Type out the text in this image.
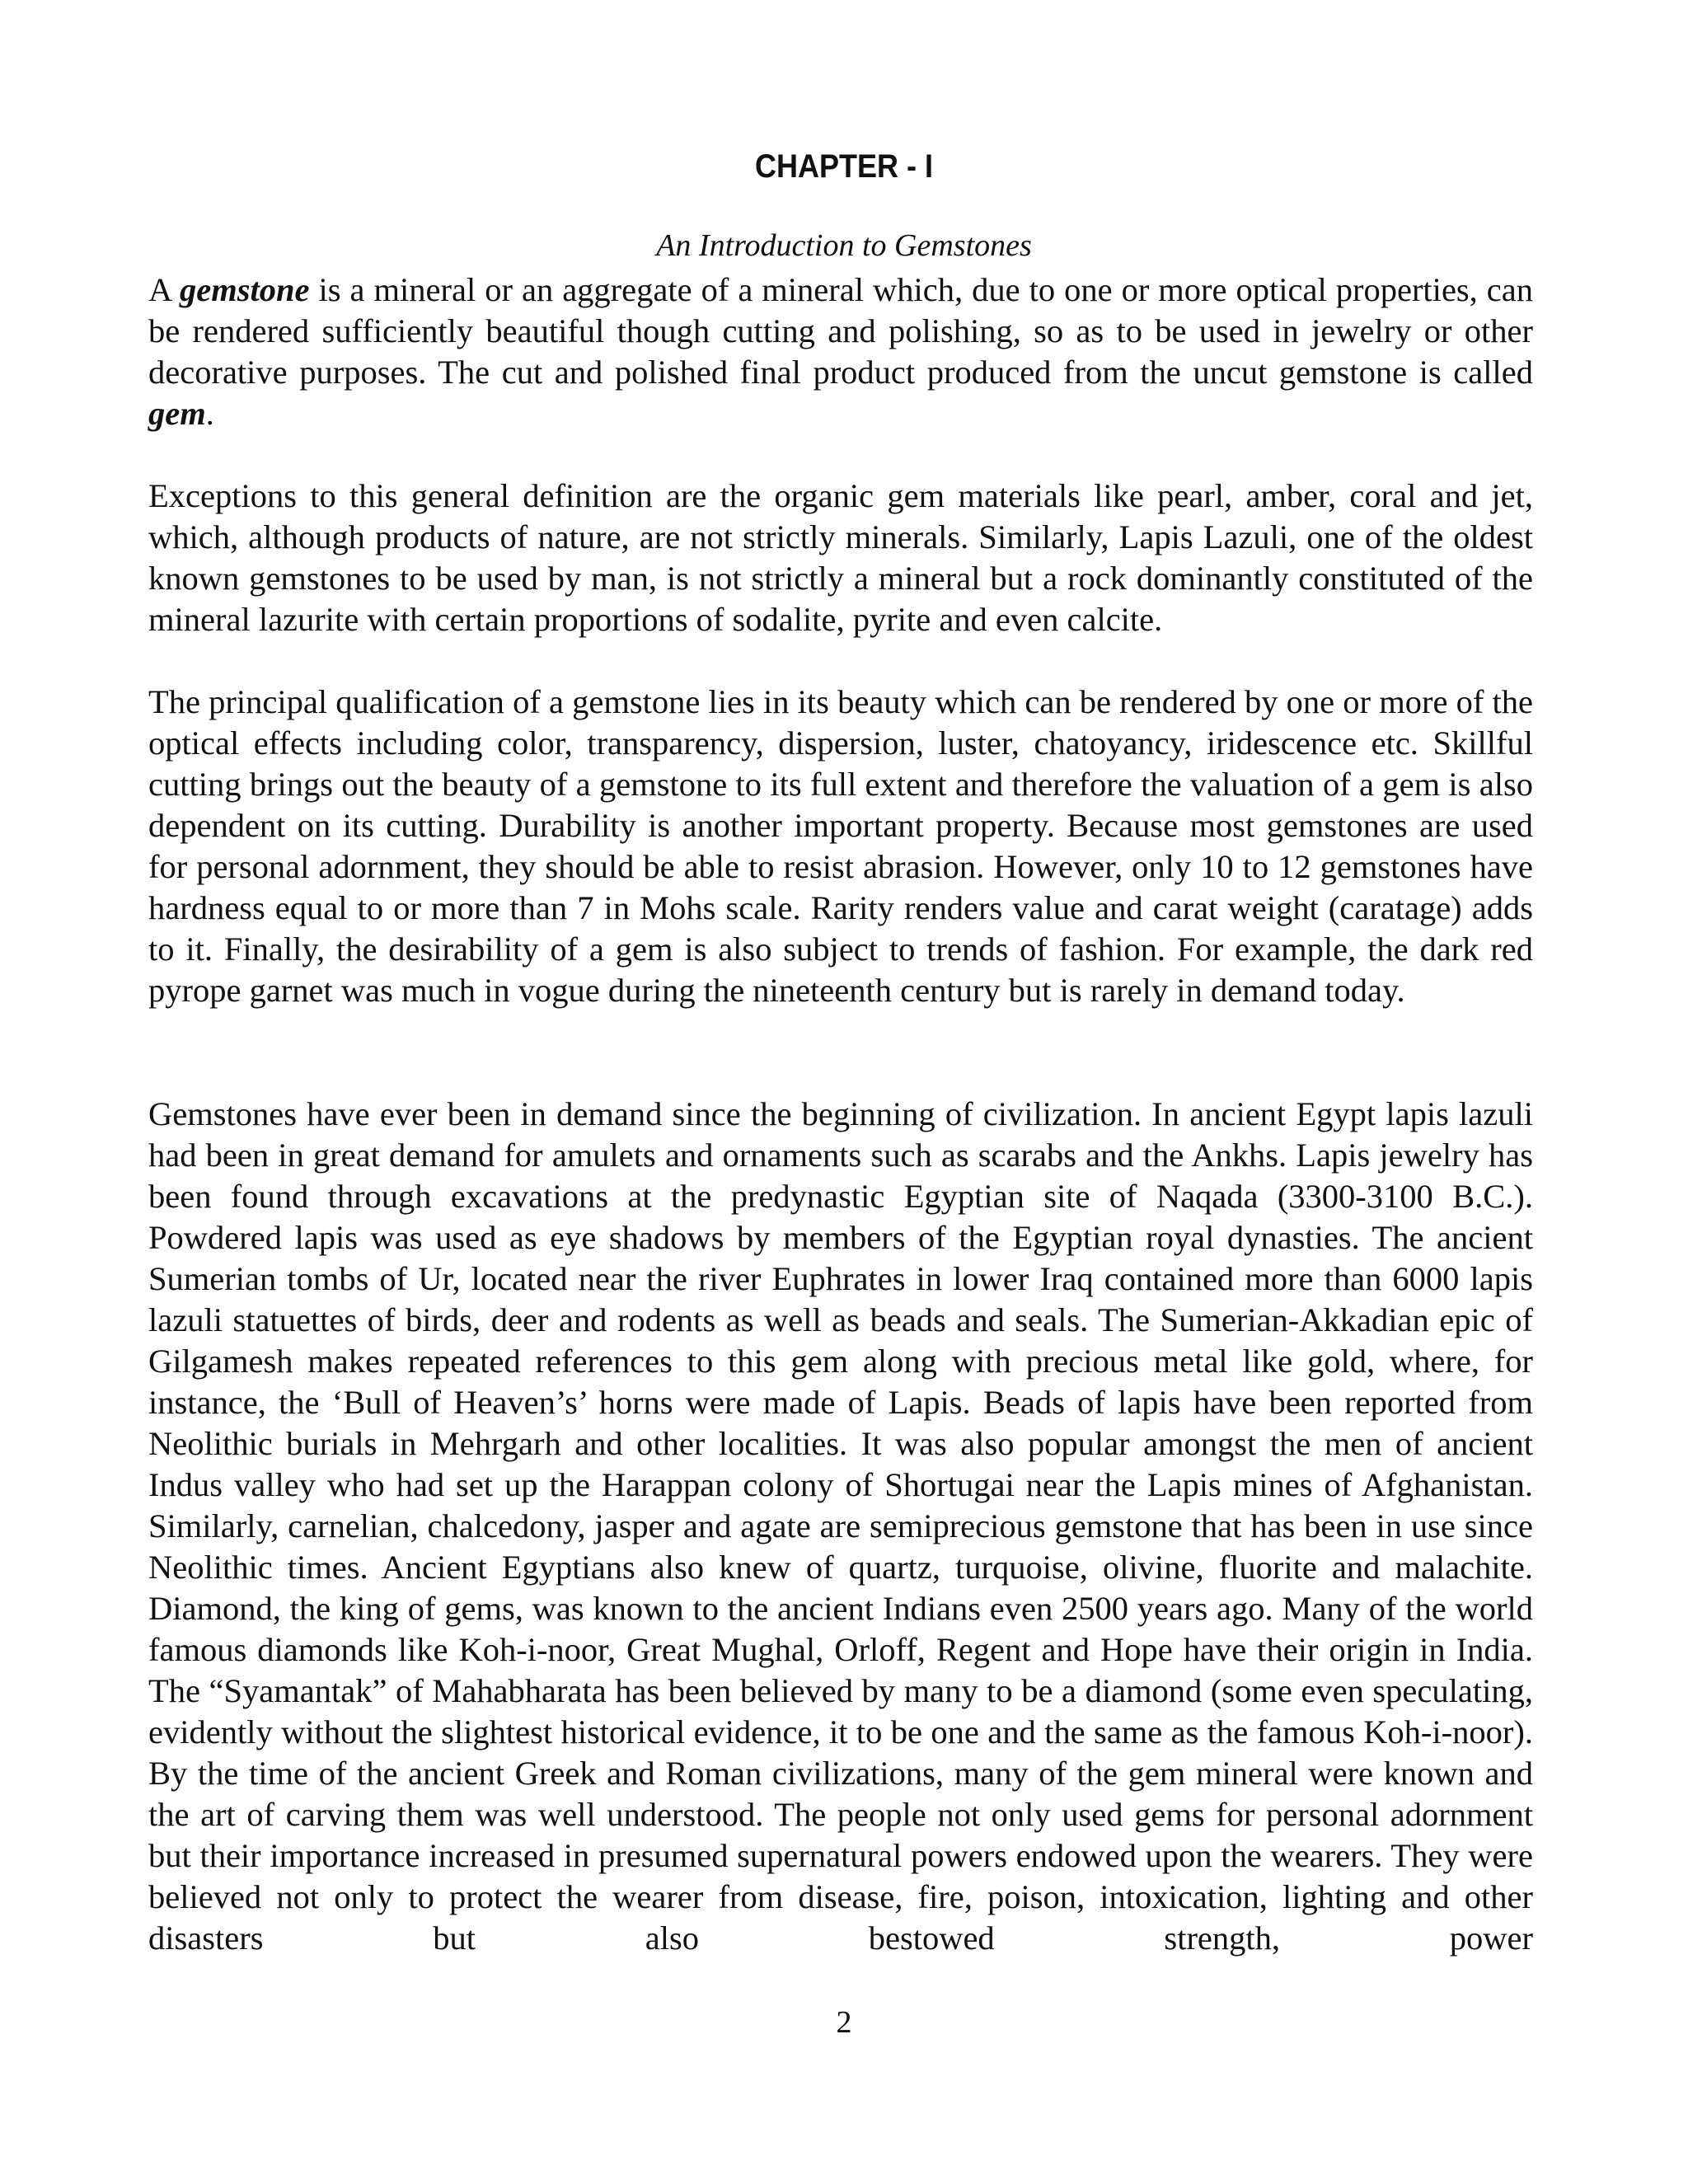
CHAPTER - I
An Introduction to Gemstones

A gemstone is a mineral or an aggregate of a mineral which, due to one or more optical properties, can be rendered sufficiently beautiful though cutting and polishing, so as to be used in jewelry or other decorative purposes. The cut and polished final product produced from the uncut gemstone is called gem.

Exceptions to this general definition are the organic gem materials like pearl, amber, coral and jet, which, although products of nature, are not strictly minerals. Similarly, Lapis Lazuli, one of the oldest known gemstones to be used by man, is not strictly a mineral but a rock dominantly constituted of the mineral lazurite with certain proportions of sodalite, pyrite and even calcite.

The principal qualification of a gemstone lies in its beauty which can be rendered by one or more of the optical effects including color, transparency, dispersion, luster, chatoyancy, iridescence etc. Skillful cutting brings out the beauty of a gemstone to its full extent and therefore the valuation of a gem is also dependent on its cutting. Durability is another important property. Because most gemstones are used for personal adornment, they should be able to resist abrasion. However, only 10 to 12 gemstones have hardness equal to or more than 7 in Mohs scale. Rarity renders value and carat weight (caratage) adds to it. Finally, the desirability of a gem is also subject to trends of fashion. For example, the dark red pyrope garnet was much in vogue during the nineteenth century but is rarely in demand today.

Gemstones have ever been in demand since the beginning of civilization. In ancient Egypt lapis lazuli had been in great demand for amulets and ornaments such as scarabs and the Ankhs. Lapis jewelry has been found through excavations at the predynastic Egyptian site of Naqada (3300-3100 B.C.). Powdered lapis was used as eye shadows by members of the Egyptian royal dynasties. The ancient Sumerian tombs of Ur, located near the river Euphrates in lower Iraq contained more than 6000 lapis lazuli statuettes of birds, deer and rodents as well as beads and seals. The Sumerian-Akkadian epic of Gilgamesh makes repeated references to this gem along with precious metal like gold, where, for instance, the ‘Bull of Heaven’s’ horns were made of Lapis. Beads of lapis have been reported from Neolithic burials in Mehrgarh and other localities. It was also popular amongst the men of ancient Indus valley who had set up the Harappan colony of Shortugai near the Lapis mines of Afghanistan. Similarly, carnelian, chalcedony, jasper and agate are semiprecious gemstone that has been in use since Neolithic times. Ancient Egyptians also knew of quartz, turquoise, olivine, fluorite and malachite. Diamond, the king of gems, was known to the ancient Indians even 2500 years ago. Many of the world famous diamonds like Koh-i-noor, Great Mughal, Orloff, Regent and Hope have their origin in India. The “Syamantak” of Mahabharata has been believed by many to be a diamond (some even speculating, evidently without the slightest historical evidence, it to be one and the same as the famous Koh-i-noor). By the time of the ancient Greek and Roman civilizations, many of the gem mineral were known and the art of carving them was well understood. The people not only used gems for personal adornment but their importance increased in presumed supernatural powers endowed upon the wearers. They were believed not only to protect the wearer from disease, fire, poison, intoxication, lighting and other disasters but also bestowed strength, power

2
